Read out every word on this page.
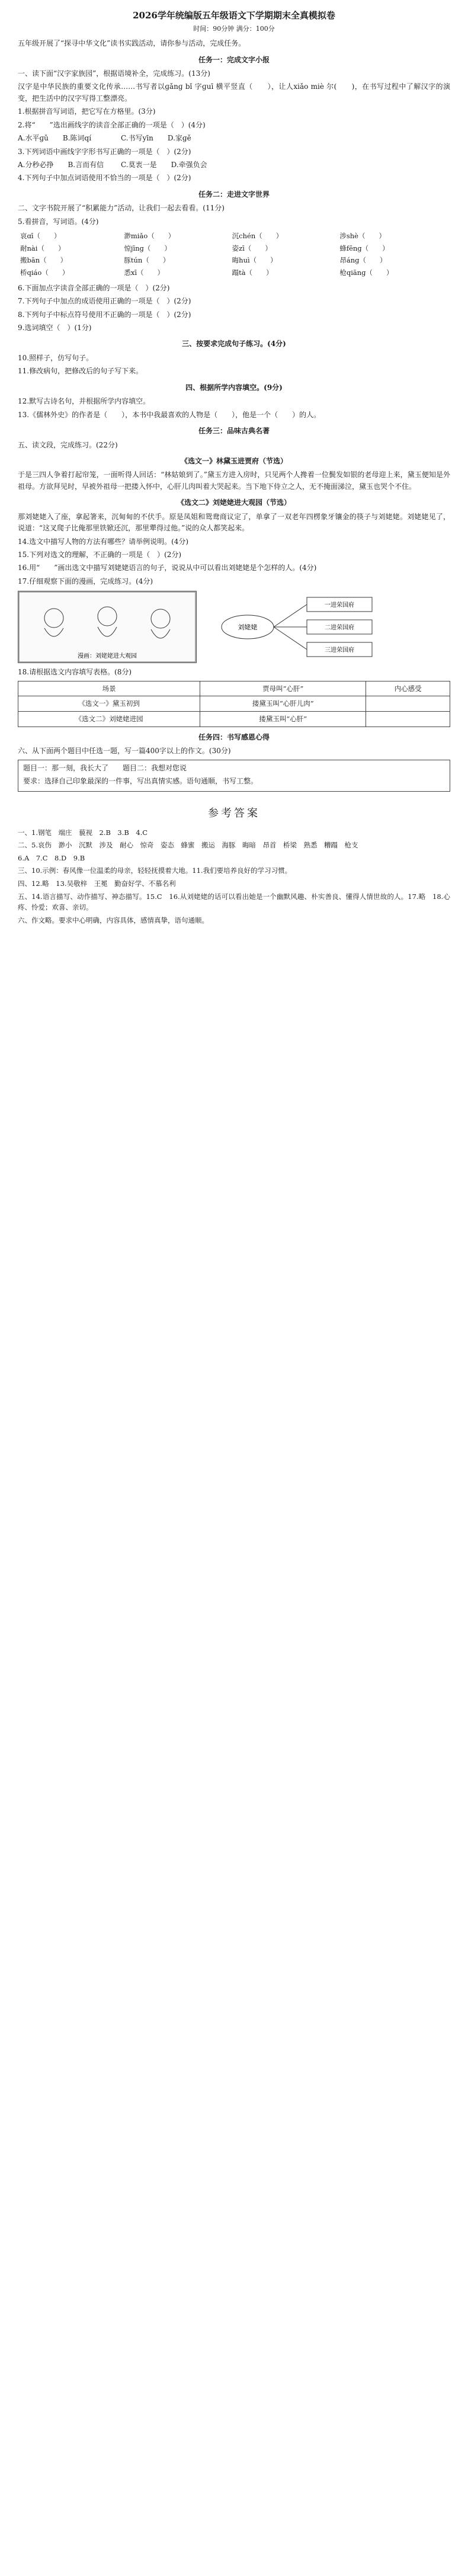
2026学年统编版五年级语文下学期期末全真模拟卷
时间：90分钟 满分：100分

五年级开展了“探寻中华文化”读书实践活动，请你参与活动，完成任务。

任务一：完成文字小报

一、读下面“汉字家族园”，根据语境补全，完成练习。(13分)

汉字是中华民族的重要文化传承……书写者以ɡǎnɡ bǐ 字ɡuī 横平竖直（　　），让人xiǎo miè 尔(　　)，在书写过程中了解汉字的演变，把生活中的汉字写得工整漂亮。

1.根据拼音写词语，把它写在方格里。(3分)

2.将“　　”选出画线字的读音全部正确的一项是（　）(4分)

A.水平ɡǔ　　B.陈词qí	C.书写yīn　　D.家ɡě

3.下列词语中画线字字形书写正确的一项是（　）(2分)

A.分秒必挣　　B.言而有信	C.莫衷一是　　D.牵强负会

4.下列句子中加点词语使用不恰当的一项是（　）(2分)

任务二：走进文字世界

二、文字书院开展了“积累能力”活动，让我们一起去看看。(11分)

5.看拼音，写词语。(4分)

哀ɑī（　　）	渺miǎo（　　）	沉chén（　　）	涉shè（　　）
耐nài（　　）	惊jīnɡ（　　）	姿zī（　　）	蜂fēnɡ（　　）
搬bān（　　）	豚tún（　　）	晦huì（　　）	昂ánɡ（　　）
桥qiáo（　　）	悉xī（　　）	蹋tà（　　）	枪qiānɡ（　　）

6.下面加点字读音全部正确的一项是（　）(2分)

7.下列句子中加点的成语使用正确的一项是（　）(2分)

8.下列句子中标点符号使用不正确的一项是（　）(2分)

9.选词填空（　）(1分)

三、按要求完成句子练习。(4分)

10.照样子，仿写句子。

11.修改病句，把修改后的句子写下来。

四、根据所学内容填空。(9分)

12.默写古诗名句，并根据所学内容填空。

13.《儒林外史》的作者是（　　），本书中我最喜欢的人物是（　　），他是一个（　　）的人。

任务三：品味古典名著

五、读文段，完成练习。(22分)

《选文一》林黛玉进贾府（节选）

于是三四人争着打起帘笼，一面听得人回话：“林姑娘到了。”黛玉方进入房时，只见两个人搀着一位鬓发如银的老母迎上来，黛玉便知是外祖母。方欲拜见时，早被外祖母一把搂入怀中，心肝儿肉叫着大哭起来。当下地下侍立之人，无不掩面涕泣，黛玉也哭个不住。

《选文二》刘姥姥进大观园（节选）

那刘姥姥入了座，拿起箸来，沉甸甸的不伏手。原是凤姐和鸳鸯商议定了，单拿了一双老年四楞象牙镶金的筷子与刘姥姥。刘姥姥见了，说道：“这叉爬子比俺那里铁锨还沉，那里犟得过他。”说的众人都笑起来。

14.选文中描写人物的方法有哪些？请举例说明。(4分)

15.下列对选文的理解，不正确的一项是（　）(2分)

16.用“　　”画出选文中描写刘姥姥语言的句子，说说从中可以看出刘姥姥是个怎样的人。(4分)

17.仔细观察下面的漫画，完成练习。(4分)

漫画：刘姥姥进大观园
刘姥姥
一进荣国府
二进荣国府
三进荣国府

18.请根据选文内容填写表格。(8分)

场景	贾母叫“心肝”	内心感受
《选文一》黛玉初到	搂黛玉叫“心肝儿肉”	
《选文二》刘姥姥进园	搂黛玉叫“心肝”	
任务四：书写感恩心得

六、从下面两个题目中任选一题，写一篇400字以上的作文。(30分)

题目一：那一刻，我长大了　　题目二：我想对您说

要求：选择自己印象最深的一件事，写出真情实感。语句通顺，书写工整。

参考答案

一、1.钢笔　端庄　藐视　2.B　3.B　4.C

二、5.哀伤　渺小　沉默　涉及　耐心　惊奇　姿态　蜂蜜　搬运　海豚　晦暗　昂首　桥梁　熟悉　糟蹋　枪支

6.A　7.C　8.D　9.B

三、10.示例：春风像一位温柔的母亲，轻轻抚摸着大地。11.我们要培养良好的学习习惯。

四、12.略　13.吴敬梓　王冕　勤奋好学、不慕名利

五、14.语言描写、动作描写、神态描写。15.C　16.从刘姥姥的话可以看出她是一个幽默风趣、朴实善良、懂得人情世故的人。17.略　18.心疼、怜爱；欢喜、亲切。

六、作文略。要求中心明确，内容具体，感情真挚，语句通顺。
